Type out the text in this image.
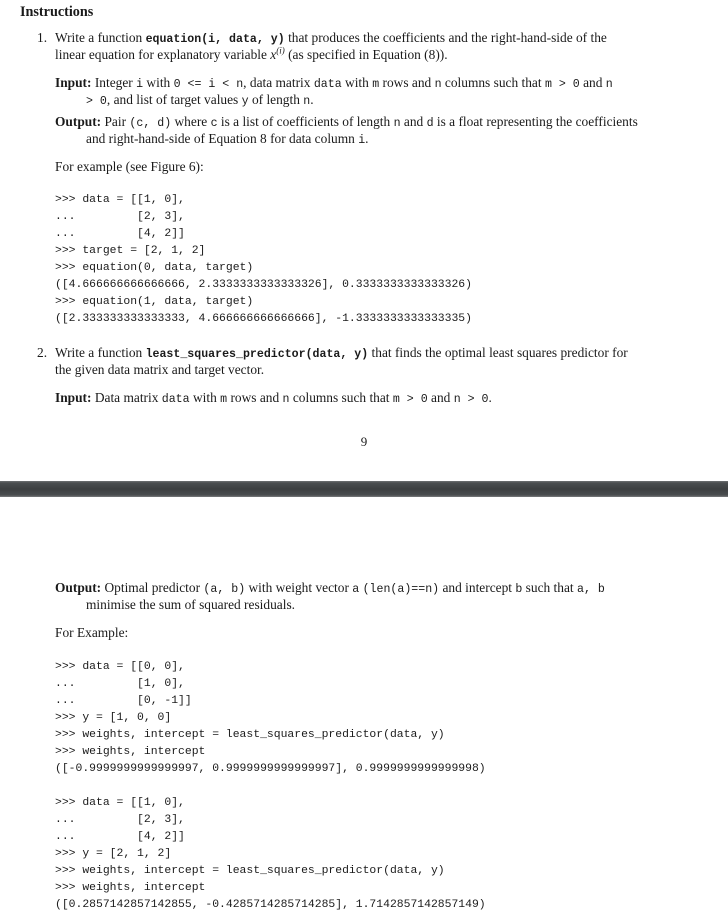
Instructions
1. Write a function equation(i, data, y) that produces the coefficients and the right-hand-side of the
linear equation for explanatory variable $x^{(i)}$ (as specified in Equation (8)).
Input: Integer i with 0 <= i < n, data matrix data with m rows and n columns such that m > 0 and n
> 0, and list of target values y of length n.
Output: Pair (c, d) where c is a list of coefficients of length n and d is a float representing the coefficients
and right-hand-side of Equation 8 for data column i.
For example (see Figure 6):
>>> data = [[1, 0],
...         [2, 3],
...         [4, 2]]
>>> target = [2, 1, 2]
>>> equation(0, data, target)
([4.666666666666666, 2.3333333333333326], 0.3333333333333326)
>>> equation(1, data, target)
([2.333333333333333, 4.666666666666666], -1.3333333333333335)
2. Write a function least_squares_predictor(data, y) that finds the optimal least squares predictor for
the given data matrix and target vector.
Input: Data matrix data with m rows and n columns such that m > 0 and n > 0.
9
Output: Optimal predictor (a, b) with weight vector a (len(a)==n) and intercept b such that a, b
minimise the sum of squared residuals.
For Example:
>>> data = [[0, 0],
...         [1, 0],
...         [0, -1]]
>>> y = [1, 0, 0]
>>> weights, intercept = least_squares_predictor(data, y)
>>> weights, intercept
([-0.9999999999999997, 0.9999999999999997], 0.9999999999999998)
>>> data = [[1, 0],
...         [2, 3],
...         [4, 2]]
>>> y = [2, 1, 2]
>>> weights, intercept = least_squares_predictor(data, y)
>>> weights, intercept
([0.2857142857142855, -0.4285714285714285], 1.7142857142857149)
